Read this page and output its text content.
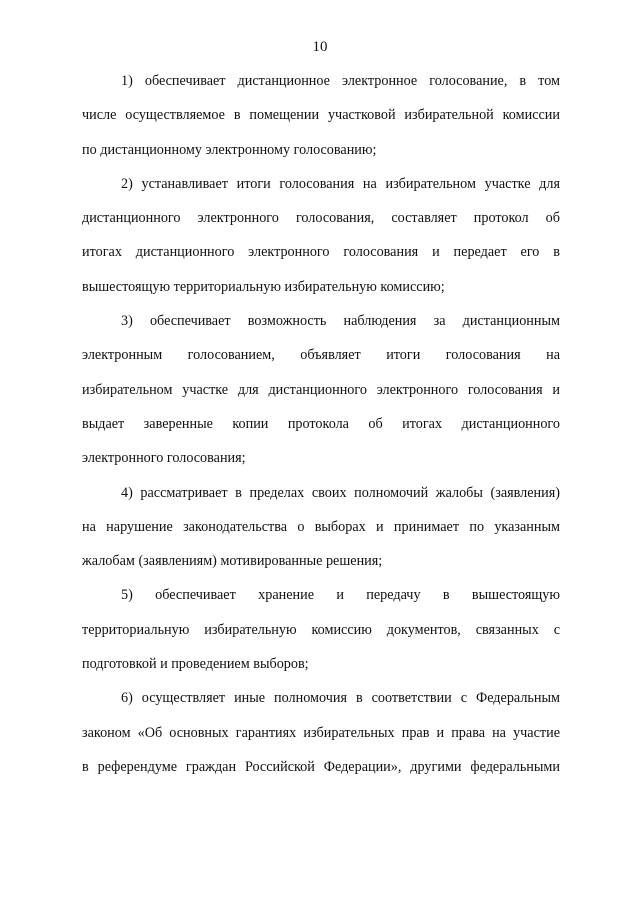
10
1) обеспечивает дистанционное электронное голосование, в том
числе осуществляемое в помещении участковой избирательной комиссии
по дистанционному электронному голосованию;
2) устанавливает итоги голосования на избирательном участке для
дистанционного электронного голосования, составляет протокол об
итогах дистанционного электронного голосования и передает его в
вышестоящую территориальную избирательную комиссию;
3) обеспечивает возможность наблюдения за дистанционным
электронным голосованием, объявляет итоги голосования на
избирательном участке для дистанционного электронного голосования и
выдает заверенные копии протокола об итогах дистанционного
электронного голосования;
4) рассматривает в пределах своих полномочий жалобы (заявления)
на нарушение законодательства о выборах и принимает по указанным
жалобам (заявлениям) мотивированные решения;
5) обеспечивает хранение и передачу в вышестоящую
территориальную избирательную комиссию документов, связанных с
подготовкой и проведением выборов;
6) осуществляет иные полномочия в соответствии с Федеральным
законом «Об основных гарантиях избирательных прав и права на участие
в референдуме граждан Российской Федерации», другими федеральными
